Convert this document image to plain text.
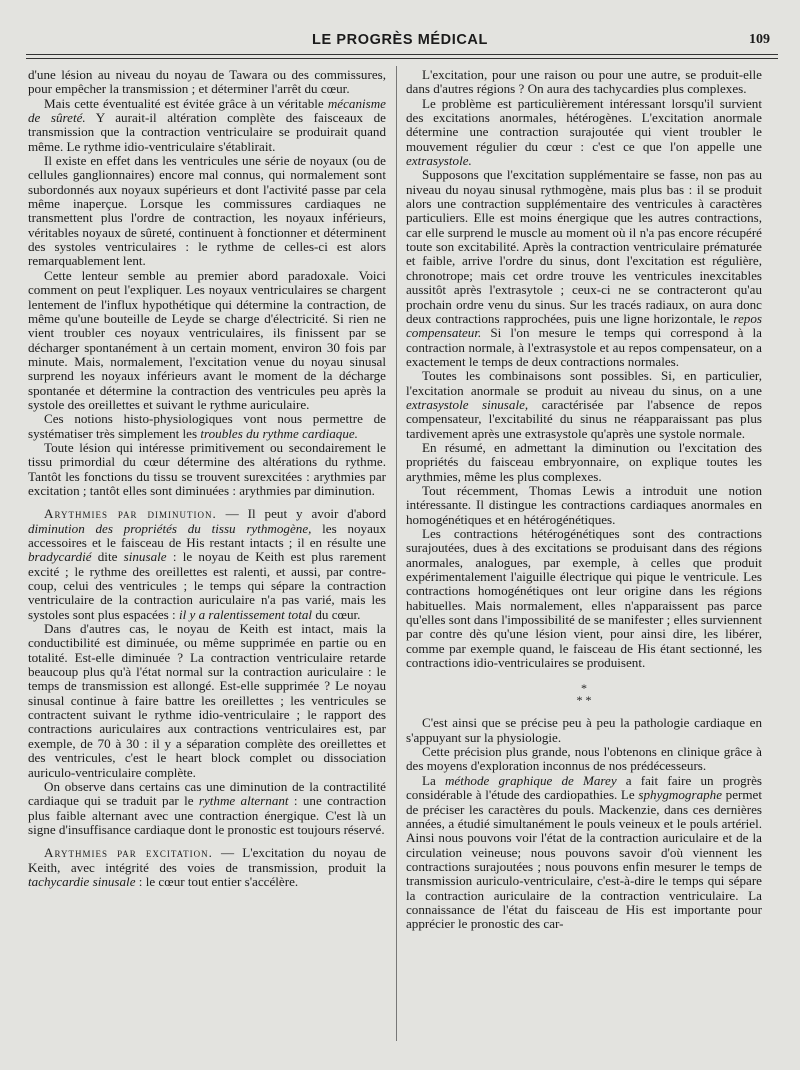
LE PROGRÈS MÉDICAL	109

d'une lésion au niveau du noyau de Tawara ou des commissures, pour empêcher la transmission ; et déterminer l'arrêt du cœur.

Mais cette éventualité est évitée grâce à un véritable mécanisme de sûreté. Y aurait-il altération complète des faisceaux de transmission que la contraction ventriculaire se produirait quand même. Le rythme idio-ventriculaire s'établirait.

Il existe en effet dans les ventricules une série de noyaux (ou de cellules ganglionnaires) encore mal connus, qui normalement sont subordonnés aux noyaux supérieurs et dont l'activité passe par cela même inaperçue. Lorsque les commissures cardiaques ne transmettent plus l'ordre de contraction, les noyaux inférieurs, véritables noyaux de sûreté, continuent à fonctionner et déterminent des systoles ventriculaires : le rythme de celles-ci est alors remarquablement lent.

Cette lenteur semble au premier abord paradoxale. Voici comment on peut l'expliquer. Les noyaux ventriculaires se chargent lentement de l'influx hypothétique qui détermine la contraction, de même qu'une bouteille de Leyde se charge d'électricité. Si rien ne vient troubler ces noyaux ventriculaires, ils finissent par se décharger spontanément à un certain moment, environ 30 fois par minute. Mais, normalement, l'excitation venue du noyau sinusal surprend les noyaux inférieurs avant le moment de la décharge spontanée et détermine la contraction des ventricules peu après la systole des oreillettes et suivant le rythme auriculaire.

Ces notions histo-physiologiques vont nous permettre de systématiser très simplement les troubles du rythme cardiaque.

Toute lésion qui intéresse primitivement ou secondairement le tissu primordial du cœur détermine des altérations du rythme. Tantôt les fonctions du tissu se trouvent surexcitées : arythmies par excitation ; tantôt elles sont diminuées : arythmies par diminution.

Arythmies par diminution. — Il peut y avoir d'abord diminution des propriétés du tissu rythmogène, les noyaux accessoires et le faisceau de His restant intacts ; il en résulte une bradycardié dite sinusale : le noyau de Keith est plus rarement excité ; le rythme des oreillettes est ralenti, et aussi, par contre-coup, celui des ventricules ; le temps qui sépare la contraction ventriculaire de la contraction auriculaire n'a pas varié, mais les systoles sont plus espacées : il y a ralentissement total du cœur.

Dans d'autres cas, le noyau de Keith est intact, mais la conductibilité est diminuée, ou même supprimée en partie ou en totalité. Est-elle diminuée ? La contraction ventriculaire retarde beaucoup plus qu'à l'état normal sur la contraction auriculaire : le temps de transmission est allongé. Est-elle supprimée ? Le noyau sinusal continue à faire battre les oreillettes ; les ventricules se contractent suivant le rythme idio-ventriculaire ; le rapport des contractions auriculaires aux contractions ventriculaires est, par exemple, de 70 à 30 : il y a séparation complète des oreillettes et des ventricules, c'est le heart block complet ou dissociation auriculo-ventriculaire complète.

On observe dans certains cas une diminution de la contractilité cardiaque qui se traduit par le rythme alternant : une contraction plus faible alternant avec une contraction énergique. C'est là un signe d'insuffisance cardiaque dont le pronostic est toujours réservé.

Arythmies par excitation. — L'excitation du noyau de Keith, avec intégrité des voies de transmission, produit la tachycardie sinusale : le cœur tout entier s'accélère.

L'excitation, pour une raison ou pour une autre, se produit-elle dans d'autres régions ? On aura des tachycardies plus complexes.

Le problème est particulièrement intéressant lorsqu'il survient des excitations anormales, hétérogènes. L'excitation anormale détermine une contraction surajoutée qui vient troubler le mouvement régulier du cœur : c'est ce que l'on appelle une extrasystole.

Supposons que l'excitation supplémentaire se fasse, non pas au niveau du noyau sinusal rythmogène, mais plus bas : il se produit alors une contraction supplémentaire des ventricules à caractères particuliers. Elle est moins énergique que les autres contractions, car elle surprend le muscle au moment où il n'a pas encore récupéré toute son excitabilité. Après la contraction ventriculaire prématurée et faible, arrive l'ordre du sinus, dont l'excitation est régulière, chronotrope; mais cet ordre trouve les ventricules inexcitables aussitôt après l'extrasytole ; ceux-ci ne se contracteront qu'au prochain ordre venu du sinus. Sur les tracés radiaux, on aura donc deux contractions rapprochées, puis une ligne horizontale, le repos compensateur. Si l'on mesure le temps qui correspond à la contraction normale, à l'extrasystole et au repos compensateur, on a exactement le temps de deux contractions normales.

Toutes les combinaisons sont possibles. Si, en particulier, l'excitation anormale se produit au niveau du sinus, on a une extrasystole sinusale, caractérisée par l'absence de repos compensateur, l'excitabilité du sinus ne réapparaissant pas plus tardivement après une extrasystole qu'après une systole normale.

En résumé, en admettant la diminution ou l'excitation des propriétés du faisceau embryonnaire, on explique toutes les arythmies, même les plus complexes.

Tout récemment, Thomas Lewis a introduit une notion intéressante. Il distingue les contractions cardiaques anormales en homogénétiques et en hétérogénétiques.

Les contractions hétérogénétiques sont des contractions surajoutées, dues à des excitations se produisant dans des régions anormales, analogues, par exemple, à celles que produit expérimentalement l'aiguille électrique qui pique le ventricule. Les contractions homogénétiques ont leur origine dans les régions habituelles. Mais normalement, elles n'apparaissent pas parce qu'elles sont dans l'impossibilité de se manifester ; elles surviennent par contre dès qu'une lésion vient, pour ainsi dire, les libérer, comme par exemple quand, le faisceau de His étant sectionné, les contractions idio-ventriculaires se produisent.

*
* *

C'est ainsi que se précise peu à peu la pathologie cardiaque en s'appuyant sur la physiologie.

Cette précision plus grande, nous l'obtenons en clinique grâce à des moyens d'exploration inconnus de nos prédécesseurs.

La méthode graphique de Marey a fait faire un progrès considérable à l'étude des cardiopathies. Le sphygmographe permet de préciser les caractères du pouls. Mackenzie, dans ces dernières années, a étudié simultanément le pouls veineux et le pouls artériel. Ainsi nous pouvons voir l'état de la contraction auriculaire et de la circulation veineuse; nous pouvons savoir d'où viennent les contractions surajoutées ; nous pouvons enfin mesurer le temps de transmission auriculo-ventriculaire, c'est-à-dire le temps qui sépare la contraction auriculaire de la contraction ventriculaire. La connaissance de l'état du faisceau de His est importante pour apprécier le pronostic des car-
